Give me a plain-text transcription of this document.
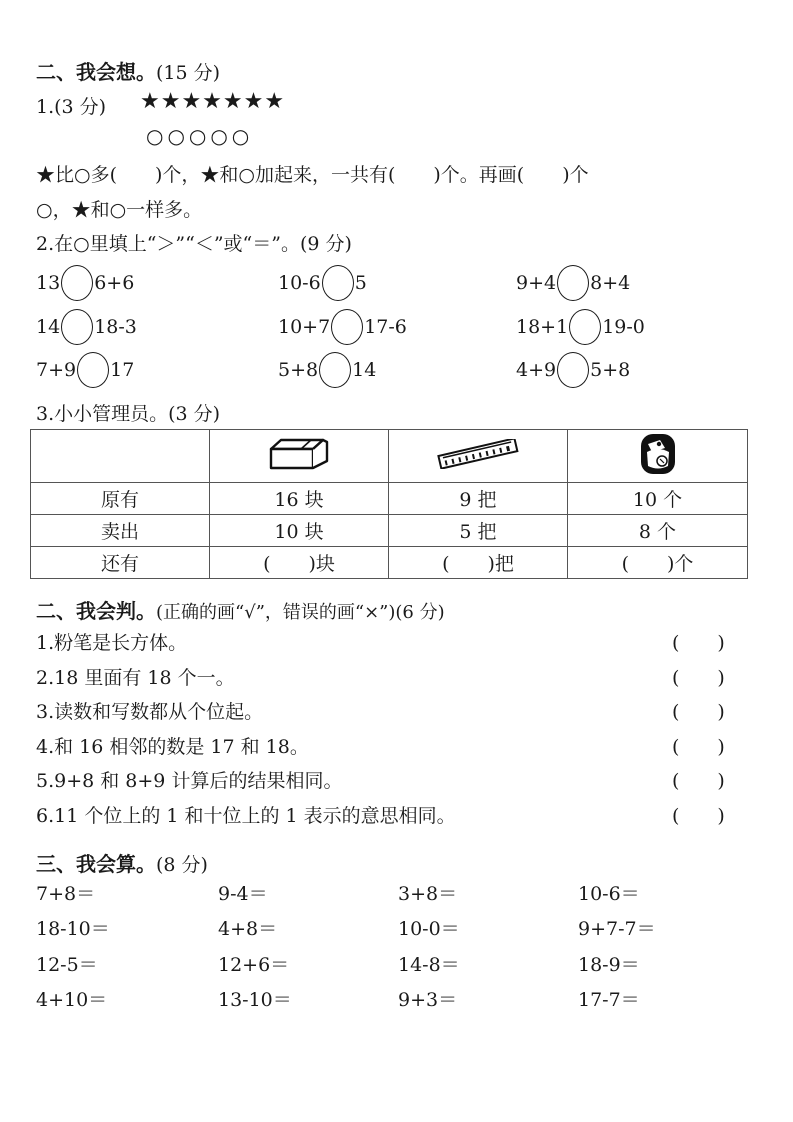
二、我会想。(15 分)
1.(3 分) ★★★★★★★
○○○○○
★比○多(　　)个，★和○加起来，一共有(　　)个。再画(　　)个
○，★和○一样多。
2.在○里填上“＞”“＜”或“＝”。(9 分)
13 6+6	10-6 5	9+4 8+4
14 18-3	10+7 17-6	18+1 19-0
7+9 17	5+8 14	4+9 5+8
3.小小管理员。(3 分)

原有	16 块	9 把	10 个
卖出	10 块	5 把	8 个
还有	(　　)块	(　　)把	(　　)个
二、我会判。(正确的画“√”，错误的画“×”)(6 分)
1.粉笔是长方体。	(　　)
2.18 里面有 18 个一。	(　　)
3.读数和写数都从个位起。	(　　)
4.和 16 相邻的数是 17 和 18。	(　　)
5.9+8 和 8+9 计算后的结果相同。	(　　)
6.11 个位上的 1 和十位上的 1 表示的意思相同。	(　　)
三、我会算。(8 分)
7+8＝	9-4＝	3+8＝	10-6＝
18-10＝	4+8＝	10-0＝	9+7-7＝
12-5＝	12+6＝	14-8＝	18-9＝
4+10＝	13-10＝	9+3＝	17-7＝
